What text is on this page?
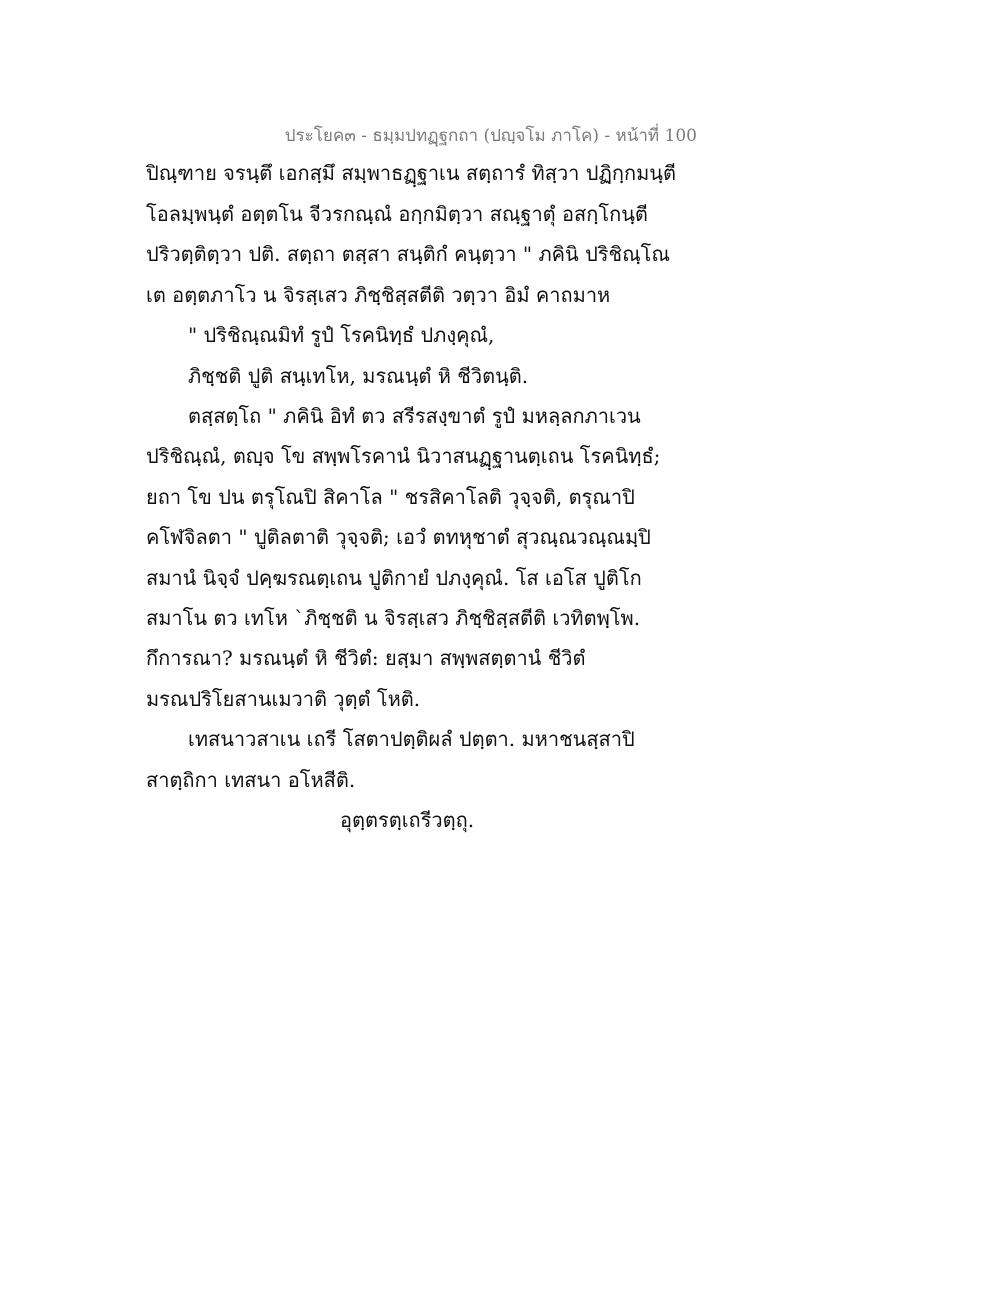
ประโยค๓ - ธมฺมปทฏฺฐกถา (ปญฺจโม ภาโค) - หน้าที่ 100
ปิณฺฑาย จรนฺตึ เอกสฺมึ สมฺพาธฏฺฐาเน สตฺถารํ ทิสฺวา ปฏิกฺกมนฺตี
โอลมฺพนฺตํ อตฺตโน จีวรกณฺณํ อกฺกมิตฺวา สณฺฐาตุํ อสกฺโกนฺตี
ปริวตฺติตฺวา ปติ. สตฺถา ตสฺสา สนฺติกํ คนฺตฺวา " ภคินิ ปริชิณฺโณ
เต อตฺตภาโว น จิรสฺเสว ภิชฺชิสฺสตีติ วตฺวา อิมํ คาถมาห
" ปริชิณฺณมิทํ รูปํ โรคนิทฺธํ ปภงฺคุณํ,
ภิชฺชติ ปูติ สนฺเทโห, มรณนฺตํ หิ ชีวิตนฺติ.
ตสฺสตฺโถ " ภคินิ อิทํ ตว สรีรสงฺขาตํ รูปํ มหลฺลกภาเวน
ปริชิณฺณํ, ตญฺจ โข สพฺพโรคานํ นิวาสนฏฺฐานตฺเถน โรคนิทฺธํ;
ยถา โข ปน ตรุโณปิ สิคาโล " ชรสิคาโลติ วุจฺจติ, ตรุณาปิ
คโฬจิลตา " ปูติลตาติ วุจฺจติ; เอวํ ตทหุชาตํ สุวณฺณวณฺณมฺปิ
สมานํ นิจฺจํ ปคฺฆรณตฺเถน ปูติกายํ ปภงฺคุณํ. โส เอโส ปูติโก
สมาโน ตว เทโห `ภิชฺชติ น จิรสฺเสว ภิชฺชิสฺสตีติ เวทิตพฺโพ.
กึการณา? มรณนฺตํ หิ ชีวิตํ: ยสฺมา สพฺพสตฺตานํ ชีวิตํ
มรณปริโยสานเมวาติ วุตฺตํ โหติ.
เทสนาวสาเน เถรี โสตาปตฺติผลํ ปตฺตา. มหาชนสฺสาปิ
สาตฺถิกา เทสนา อโหสีติ.
อุตฺตรตฺเถรีวตฺถุ.
